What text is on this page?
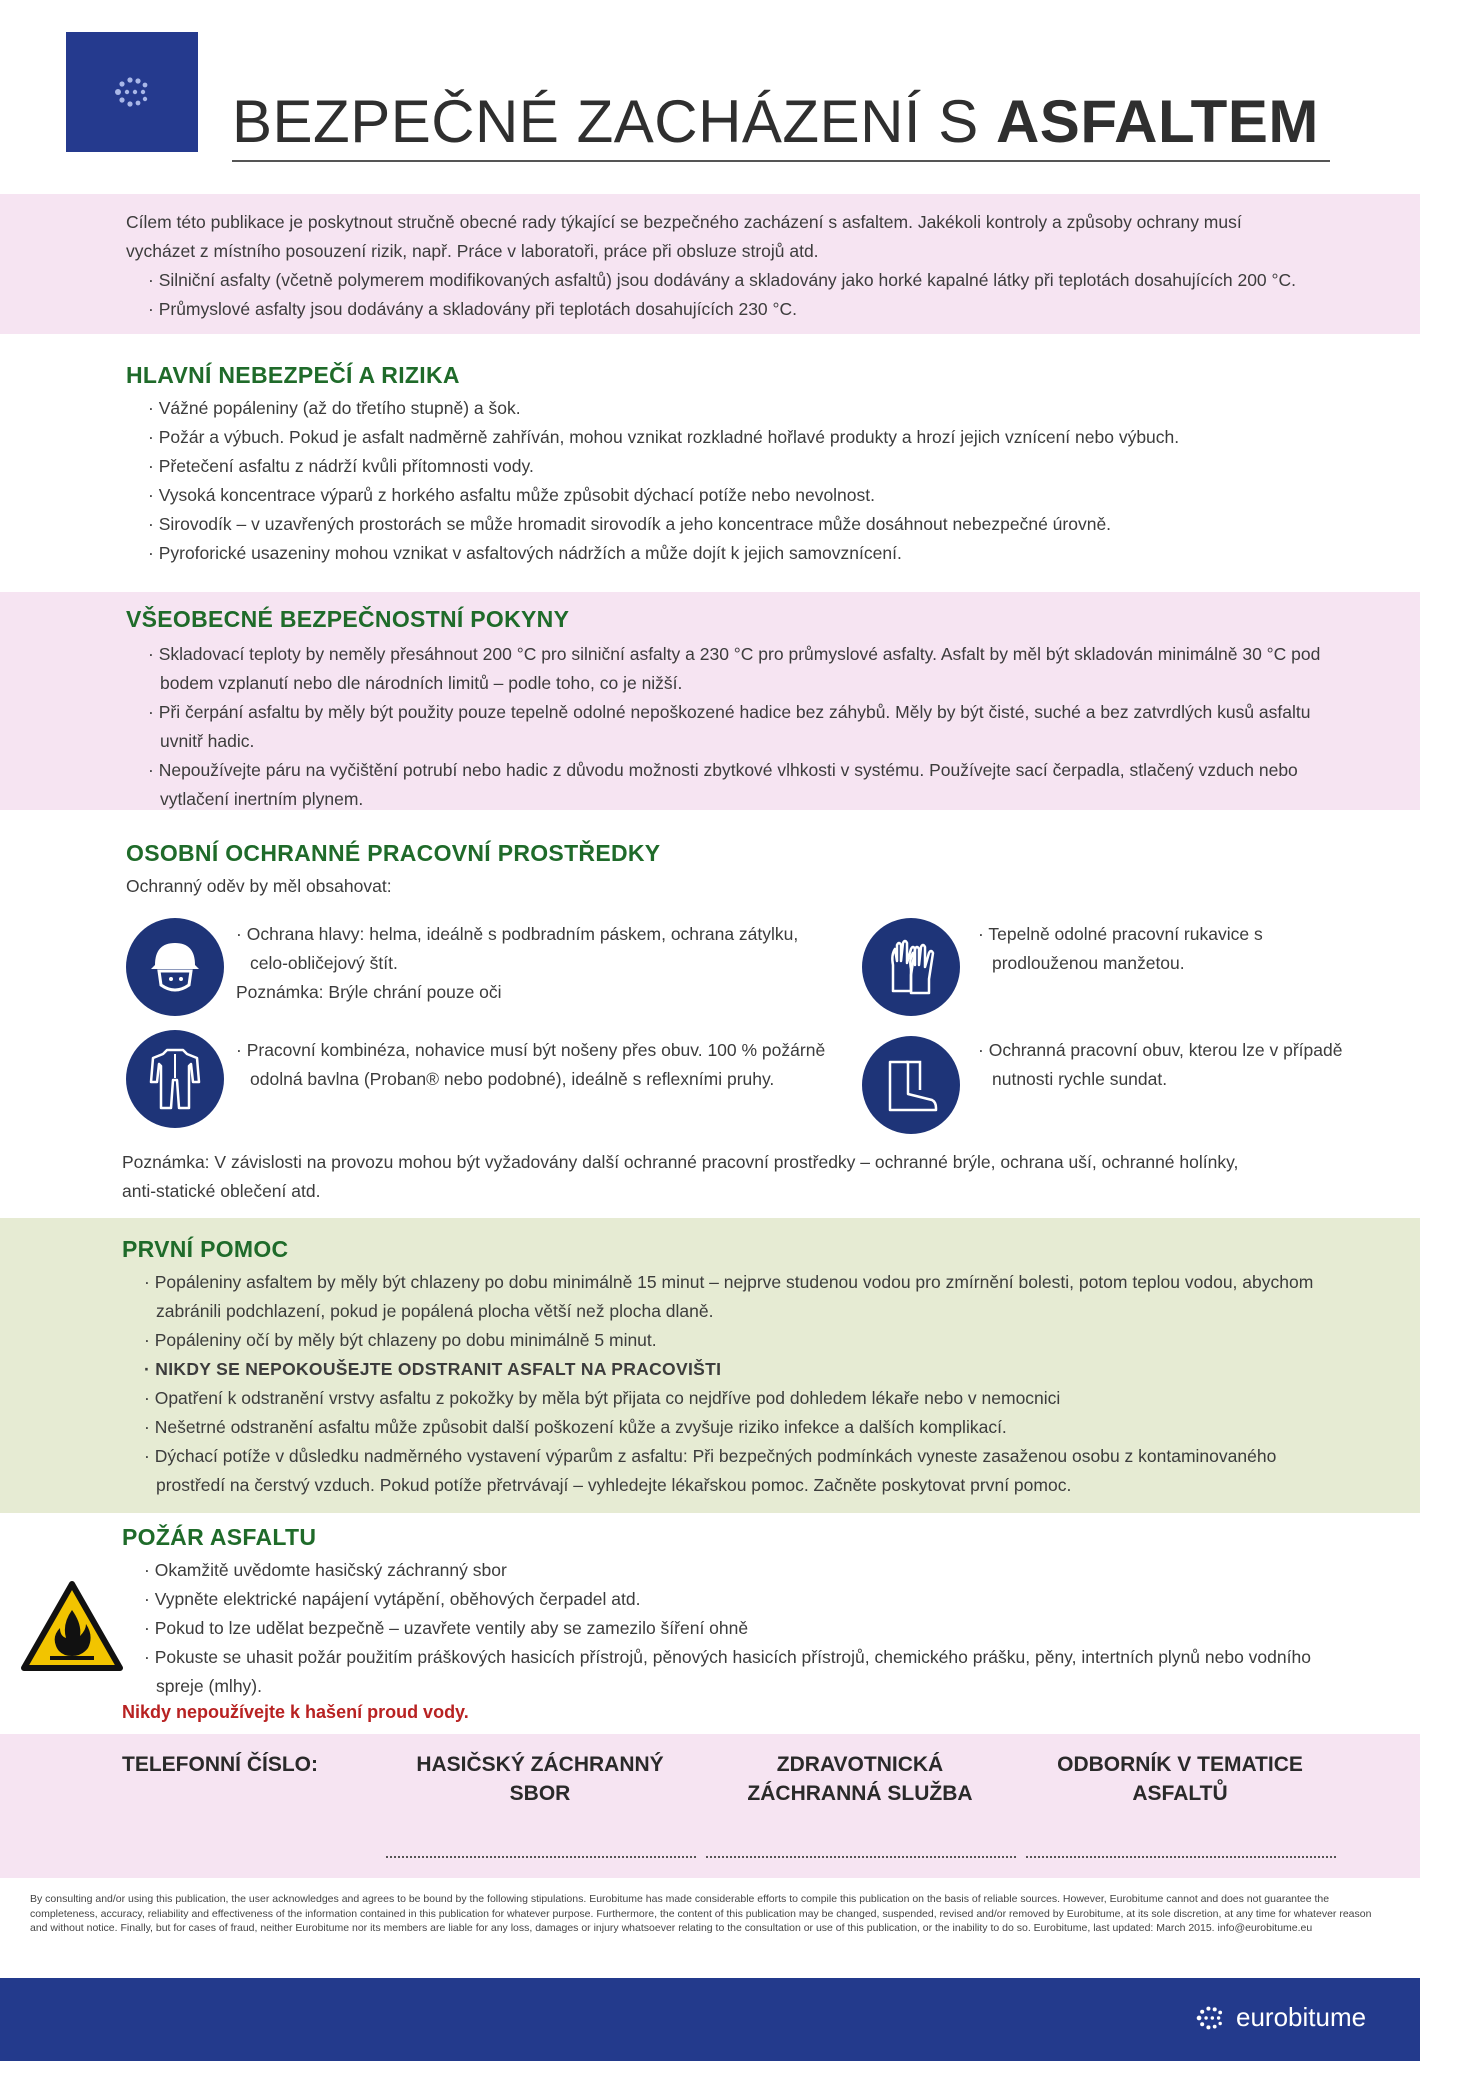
BEZPEČNÉ ZACHÁZENÍ S ASFALTEM
Cílem této publikace je poskytnout stručně obecné rady týkající se bezpečného zacházení s asfaltem. Jakékoli kontroly a způsoby ochrany musí
vycházet z místního posouzení rizik, např. Práce v laboratoři, práce při obsluze strojů atd.
· Silniční asfalty (včetně polymerem modifikovaných asfaltů) jsou dodávány a skladovány jako horké kapalné látky při teplotách dosahujících 200 °C.
· Průmyslové asfalty jsou dodávány a skladovány při teplotách dosahujících 230 °C.
HLAVNÍ NEBEZPEČÍ A RIZIKA
· Vážné popáleniny (až do třetího stupně) a šok.
· Požár a výbuch. Pokud je asfalt nadměrně zahříván, mohou vznikat rozkladné hořlavé produkty a hrozí jejich vznícení nebo výbuch.
· Přetečení asfaltu z nádrží kvůli přítomnosti vody.
· Vysoká koncentrace výparů z horkého asfaltu může způsobit dýchací potíže nebo nevolnost.
· Sirovodík – v uzavřených prostorách se může hromadit sirovodík a jeho koncentrace může dosáhnout nebezpečné úrovně.
· Pyroforické usazeniny mohou vznikat v asfaltových nádržích a může dojít k jejich samovznícení.
VŠEOBECNÉ BEZPEČNOSTNÍ POKYNY
· Skladovací teploty by neměly přesáhnout 200 °C pro silniční asfalty a 230 °C pro průmyslové asfalty. Asfalt by měl být skladován minimálně 30 °C pod bodem vzplanutí nebo dle národních limitů – podle toho, co je nižší.
· Při čerpání asfaltu by měly být použity pouze tepelně odolné nepoškozené hadice bez záhybů. Měly by být čisté, suché a bez zatvrdlých kusů asfaltu uvnitř hadic.
· Nepoužívejte páru na vyčištění potrubí nebo hadic z důvodu možnosti zbytkové vlhkosti v systému. Používejte sací čerpadla, stlačený vzduch nebo vytlačení inertním plynem.
OSOBNÍ OCHRANNÉ PRACOVNÍ PROSTŘEDKY
Ochranný oděv by měl obsahovat:
· Ochrana hlavy: helma, ideálně s podbradním páskem, ochrana zátylku,
celo-obličejový štít.
Poznámka: Brýle chrání pouze oči
· Tepelně odolné pracovní rukavice s
prodlouženou manžetou.
· Pracovní kombinéza, nohavice musí být nošeny přes obuv. 100 % požárně
odolná bavlna (Proban® nebo podobné), ideálně s reflexními pruhy.
· Ochranná pracovní obuv, kterou lze v případě
nutnosti rychle sundat.
Poznámka: V závislosti na provozu mohou být vyžadovány další ochranné pracovní prostředky – ochranné brýle, ochrana uší, ochranné holínky,
anti-statické oblečení atd.
PRVNÍ POMOC
· Popáleniny asfaltem by měly být chlazeny po dobu minimálně 15 minut – nejprve studenou vodou pro zmírnění bolesti, potom teplou vodou, abychom zabránili podchlazení, pokud je popálená plocha větší než plocha dlaně.
· Popáleniny očí by měly být chlazeny po dobu minimálně 5 minut.
· NIKDY SE NEPOKOUŠEJTE ODSTRANIT ASFALT NA PRACOVIŠTI
· Opatření k odstranění vrstvy asfaltu z pokožky by měla být přijata co nejdříve pod dohledem lékaře nebo v nemocnici
· Nešetrné odstranění asfaltu může způsobit další poškození kůže a zvyšuje riziko infekce a dalších komplikací.
· Dýchací potíže v důsledku nadměrného vystavení výparům z asfaltu: Při bezpečných podmínkách vyneste zasaženou osobu z kontaminovaného prostředí na čerstvý vzduch. Pokud potíže přetrvávají – vyhledejte lékařskou pomoc. Začněte poskytovat první pomoc.
POŽÁR ASFALTU
· Okamžitě uvědomte hasičský záchranný sbor
· Vypněte elektrické napájení vytápění, oběhových čerpadel atd.
· Pokud to lze udělat bezpečně – uzavřete ventily aby se zamezilo šíření ohně
· Pokuste se uhasit požár použitím práškových hasicích přístrojů, pěnových hasicích přístrojů, chemického prášku, pěny, intertních plynů nebo vodního spreje (mlhy).
Nikdy nepoužívejte k hašení proud vody.
TELEFONNÍ ČÍSLO:	HASIČSKÝ ZÁCHRANNÝ
SBOR
ZDRAVOTNICKÁ
ZÁCHRANNÁ SLUŽBA
ODBORNÍK V TEMATICE
ASFALTŮ
By consulting and/or using this publication, the user acknowledges and agrees to be bound by the following stipulations. Eurobitume has made considerable efforts to compile this publication on the basis of reliable sources. However, Eurobitume cannot and does not guarantee the completeness, accuracy, reliability and effectiveness of the information contained in this publication for whatever purpose. Furthermore, the content of this publication may be changed, suspended, revised and/or removed by Eurobitume, at its sole discretion, at any time for whatever reason and without notice. Finally, but for cases of fraud, neither Eurobitume nor its members are liable for any loss, damages or injury whatsoever relating to the consultation or use of this publication, or the inability to do so. Eurobitume, last updated: March 2015. info@eurobitume.eu
eurobitume
